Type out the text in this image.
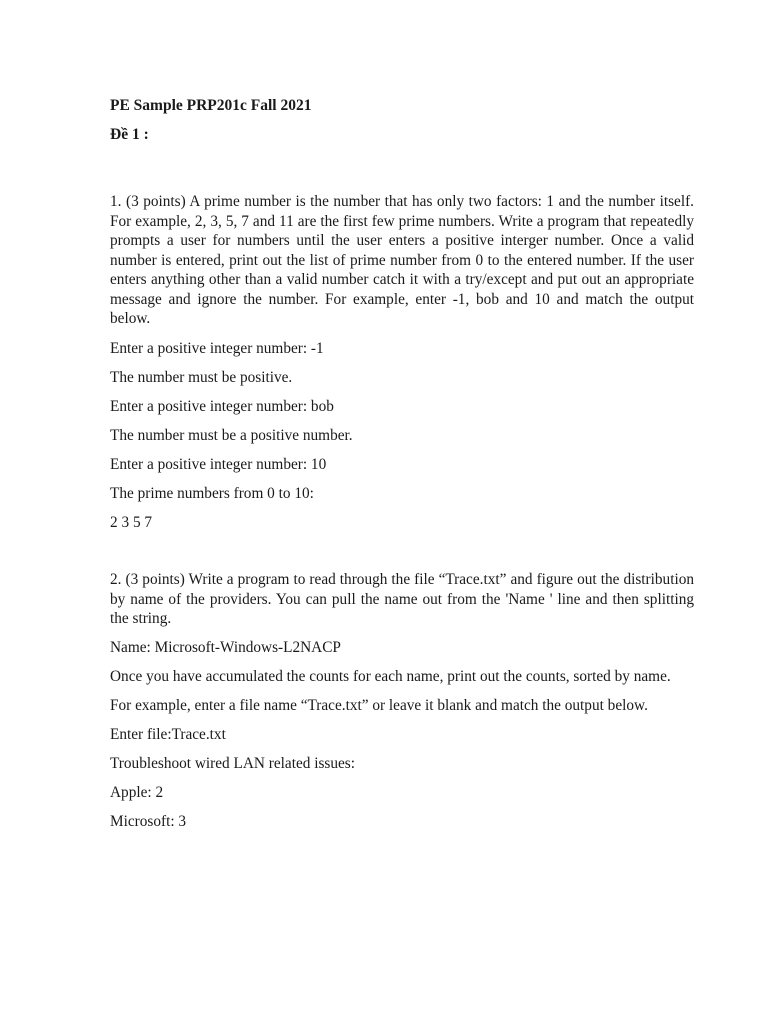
PE Sample PRP201c Fall 2021

Đề 1 :

1. (3 points) A prime number is the number that has only two factors: 1 and the number itself. For example, 2, 3, 5, 7 and 11 are the first few prime numbers. Write a program that repeatedly prompts a user for numbers until the user enters a positive interger number. Once a valid number is entered, print out the list of prime number from 0 to the entered number. If the user enters anything other than a valid number catch it with a try/except and put out an appropriate message and ignore the number. For example, enter -1, bob and 10 and match the output below.

Enter a positive integer number: -1

The number must be positive.

Enter a positive integer number: bob

The number must be a positive number.

Enter a positive integer number: 10

The prime numbers from 0 to 10:

2 3 5 7

2. (3 points) Write a program to read through the file “Trace.txt” and figure out the distribution by name of the providers. You can pull the name out from the 'Name ' line and then splitting the string.

Name: Microsoft-Windows-L2NACP

Once you have accumulated the counts for each name, print out the counts, sorted by name.

For example, enter a file name “Trace.txt” or leave it blank and match the output below.

Enter file:Trace.txt

Troubleshoot wired LAN related issues:

Apple: 2

Microsoft: 3
